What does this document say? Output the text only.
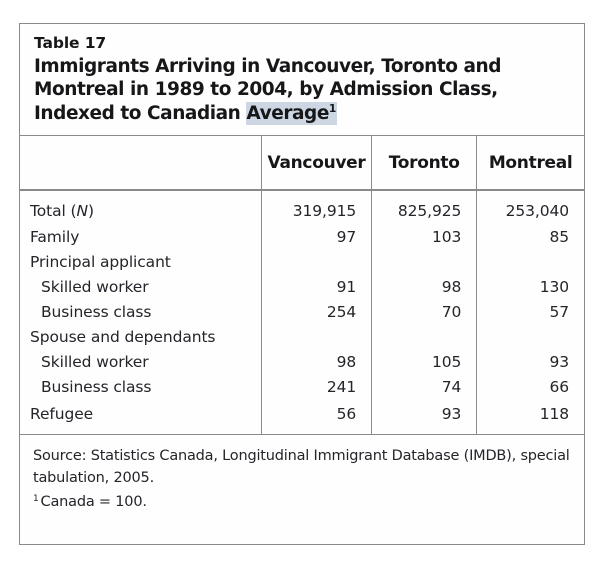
Table 17
Immigrants Arriving in Vancouver, Toronto and
Montreal in 1989 to 2004, by Admission Class,
Indexed to Canadian Average$^1$
	Vancouver	Toronto	Montreal
Total (N)	319,915	825,925	253,040
Family	97	103	85
Principal applicant			
Skilled worker	91	98	130
Business class	254	70	57
Spouse and dependants			
Skilled worker	98	105	93
Business class	241	74	66
Refugee	56	93	118
Source: Statistics Canada, Longitudinal Immigrant Database (IMDB), special tabulation, 2005.
$^1$ Canada = 100.
